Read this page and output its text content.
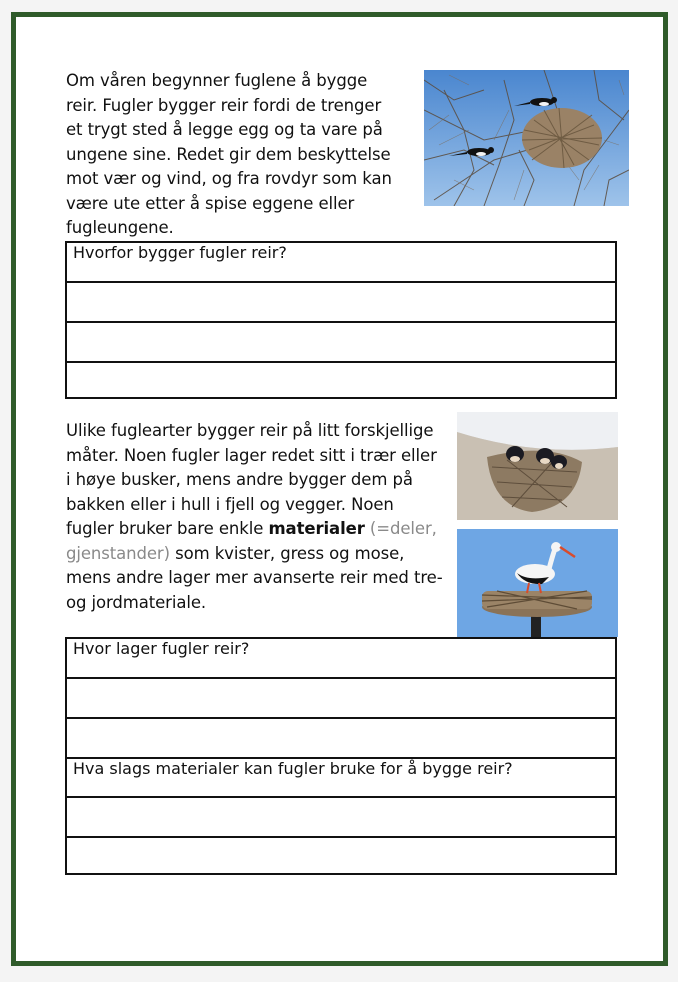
Om våren begynner fuglene å bygge reir. Fugler bygger reir fordi de trenger et trygt sted å legge egg og ta vare på ungene sine. Redet gir dem beskyttelse mot vær og vind, og fra rovdyr som kan være ute etter å spise eggene eller fugleungene.

Hvorfor bygger fugler reir?

Ulike fuglearter bygger reir på litt forskjellige måter. Noen fugler lager redet sitt i trær eller i høye busker, mens andre bygger dem på bakken eller i hull i fjell og vegger. Noen fugler bruker bare enkle materialer (=deler, gjenstander) som kvister, gress og mose, mens andre lager mer avanserte reir med tre- og jordmateriale.

Hvor lager fugler reir?
Hva slags materialer kan fugler bruke for å bygge reir?
